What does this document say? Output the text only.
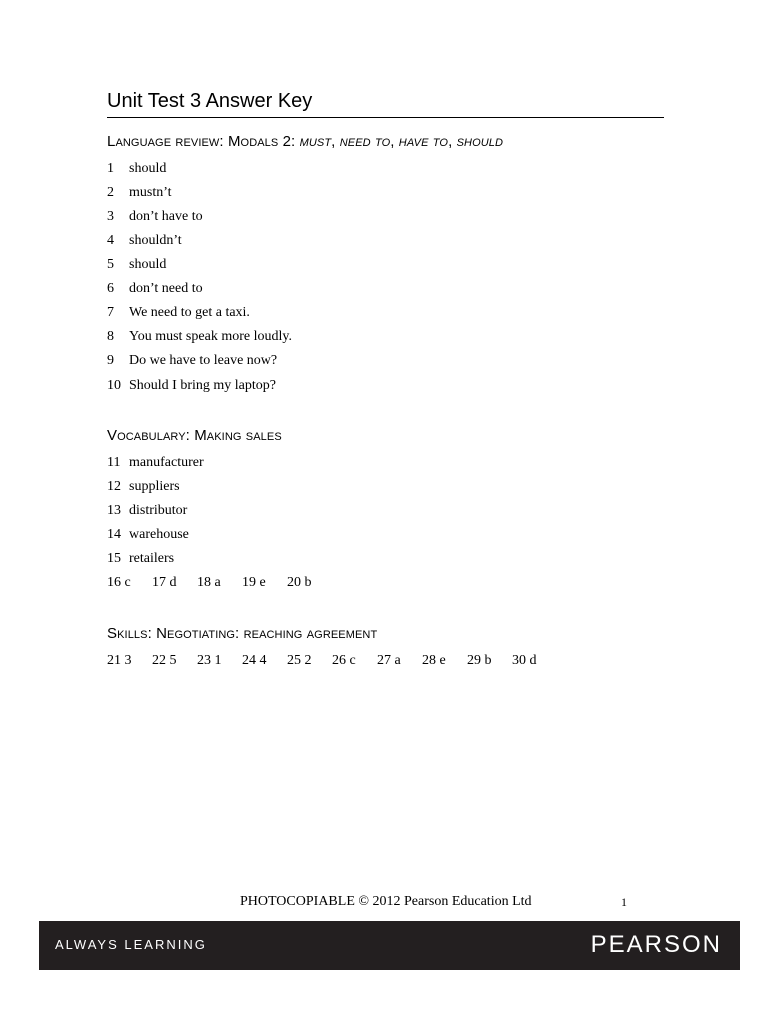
Unit Test 3 Answer Key
Language review: Modals 2: must, need to, have to, should
1 should
2 mustn’t
3 don’t have to
4 shouldn’t
5 should
6 don’t need to
7 We need to get a taxi.
8 You must speak more loudly.
9 Do we have to leave now?
10 Should I bring my laptop?
Vocabulary: Making sales
11 manufacturer
12 suppliers
13 distributor
14 warehouse
15 retailers
16 c 17 d 18 a 19 e 20 b
Skills: Negotiating: reaching agreement
21 3 22 5 23 1 24 4 25 2 26 c 27 a 28 e 29 b 30 d
PHOTOCOPIABLE © 2012 Pearson Education Ltd	1
ALWAYS LEARNING	PEARSON
